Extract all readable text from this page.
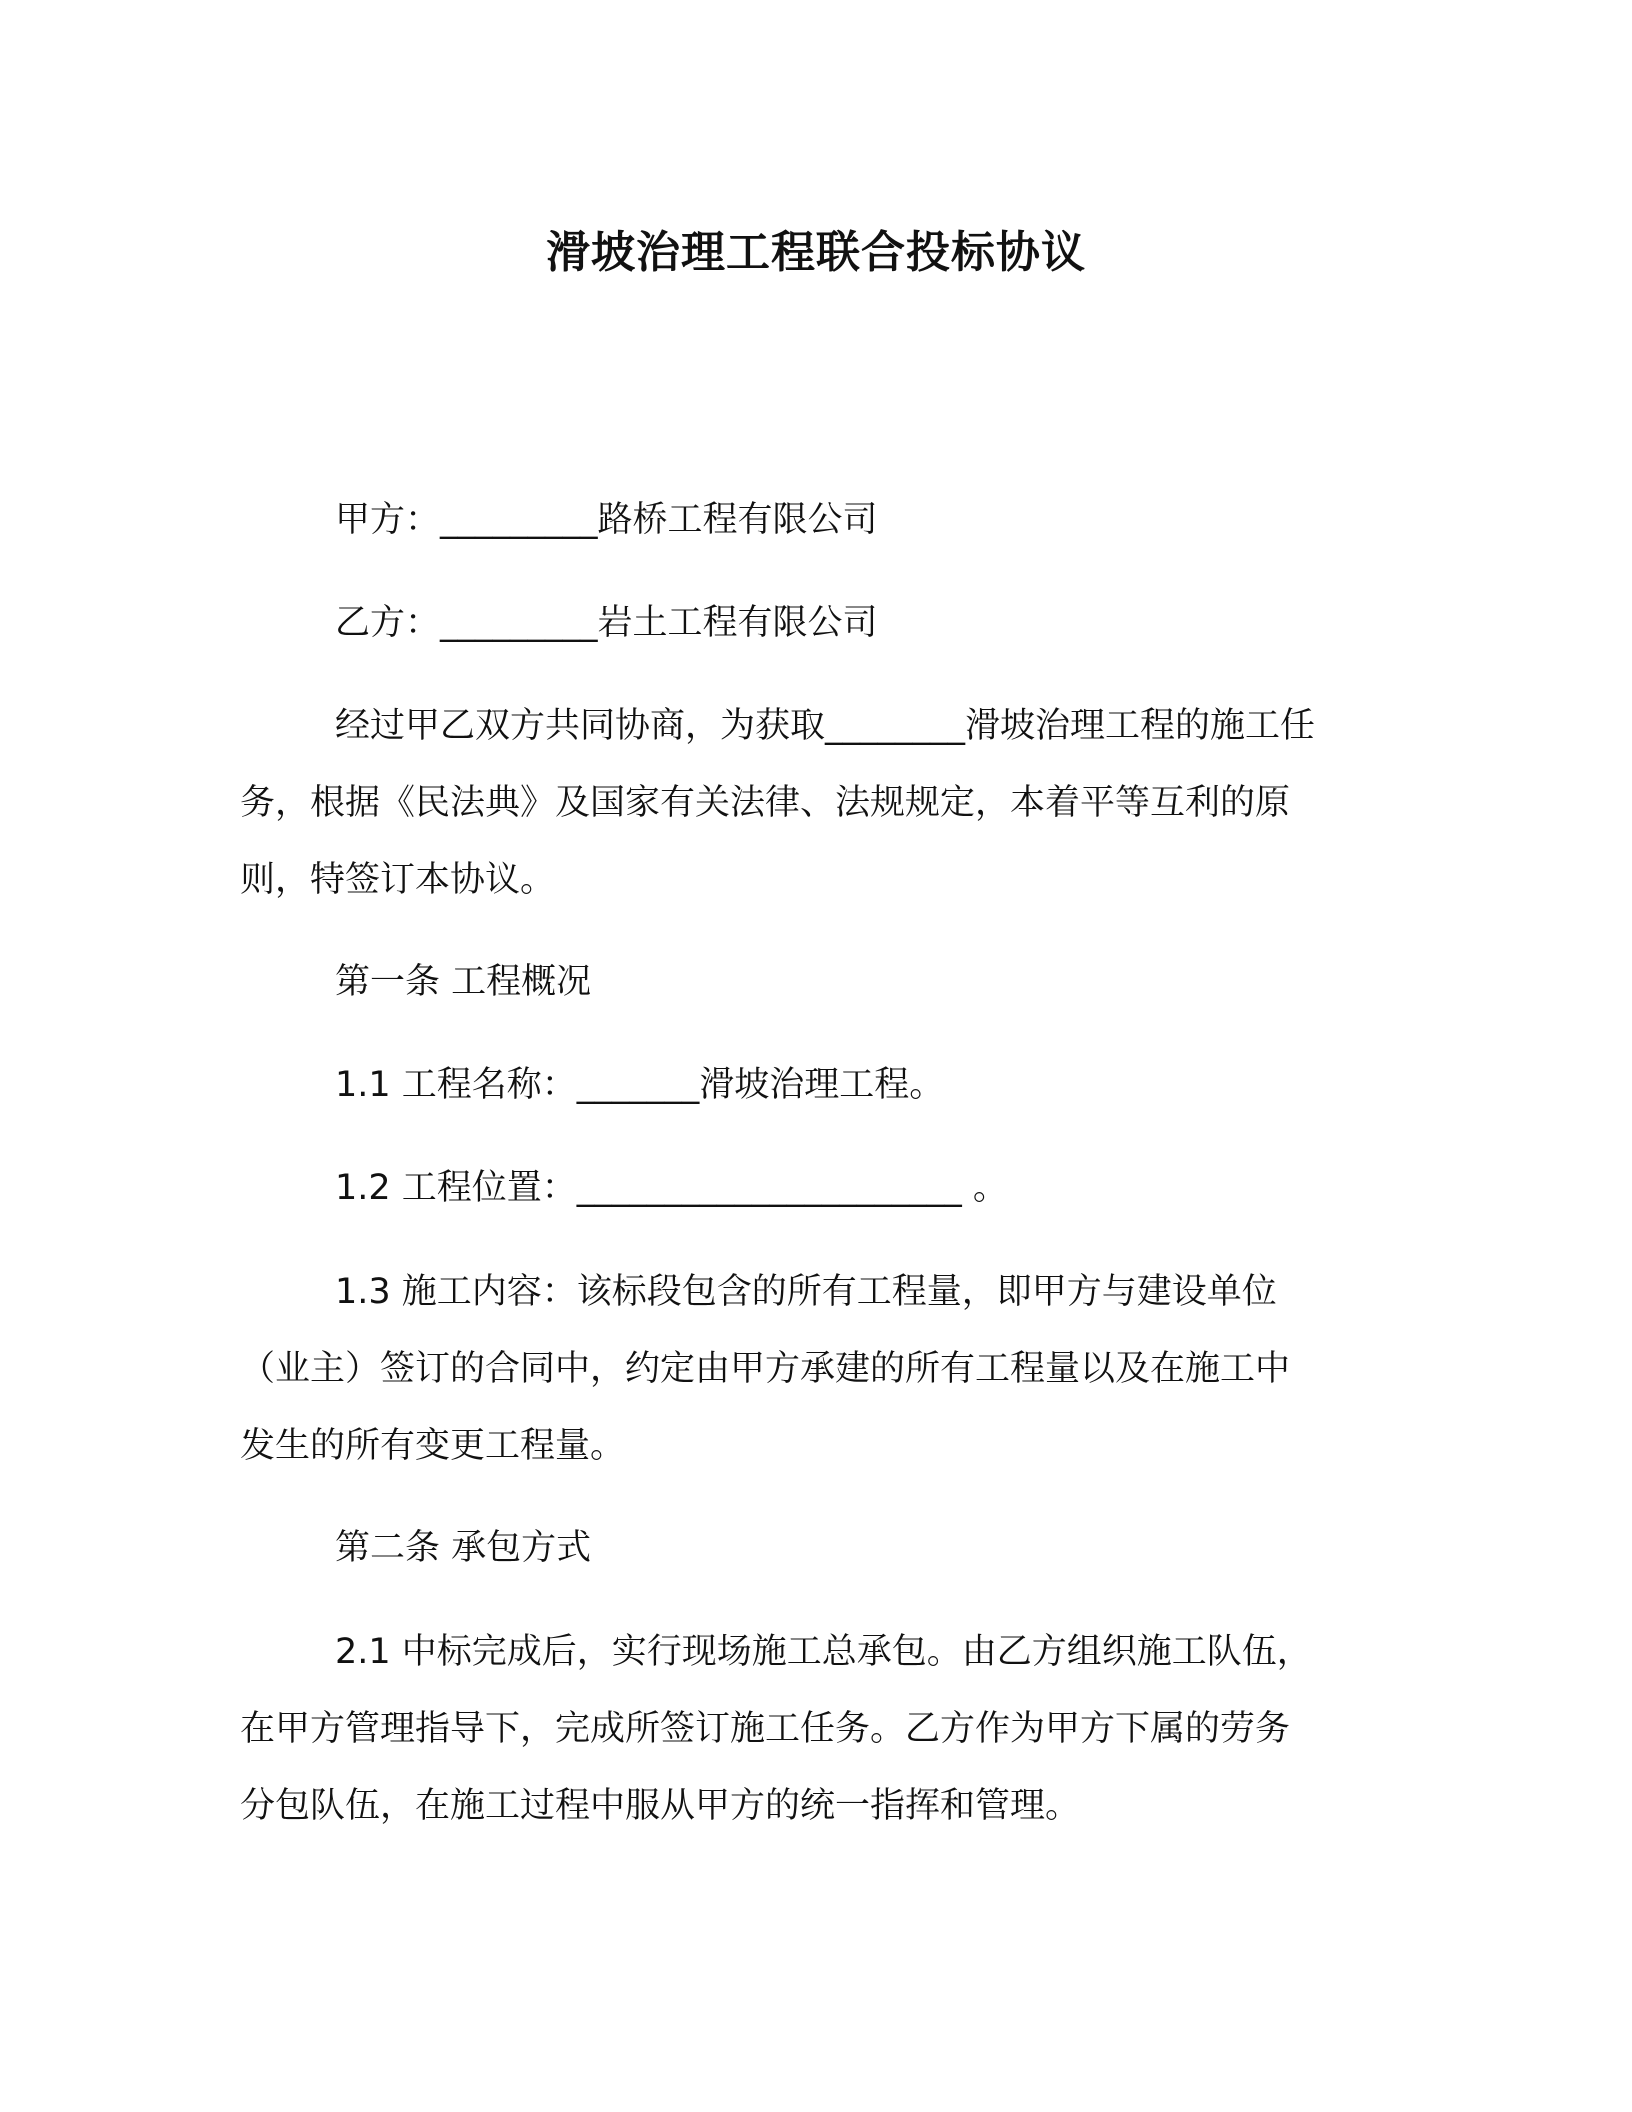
滑坡治理工程联合投标协议
甲方：_________路桥工程有限公司
乙方：_________岩土工程有限公司
经过甲乙双方共同协商，为获取________滑坡治理工程的施工任
务，根据《民法典》及国家有关法律、法规规定，本着平等互利的原
则，特签订本协议。
第一条 工程概况
1.1 工程名称：_______滑坡治理工程。
1.2 工程位置：______________________ 。
1.3 施工内容：该标段包含的所有工程量，即甲方与建设单位
（业主）签订的合同中，约定由甲方承建的所有工程量以及在施工中
发生的所有变更工程量。
第二条 承包方式
2.1 中标完成后，实行现场施工总承包。由乙方组织施工队伍，
在甲方管理指导下，完成所签订施工任务。乙方作为甲方下属的劳务
分包队伍，在施工过程中服从甲方的统一指挥和管理。
